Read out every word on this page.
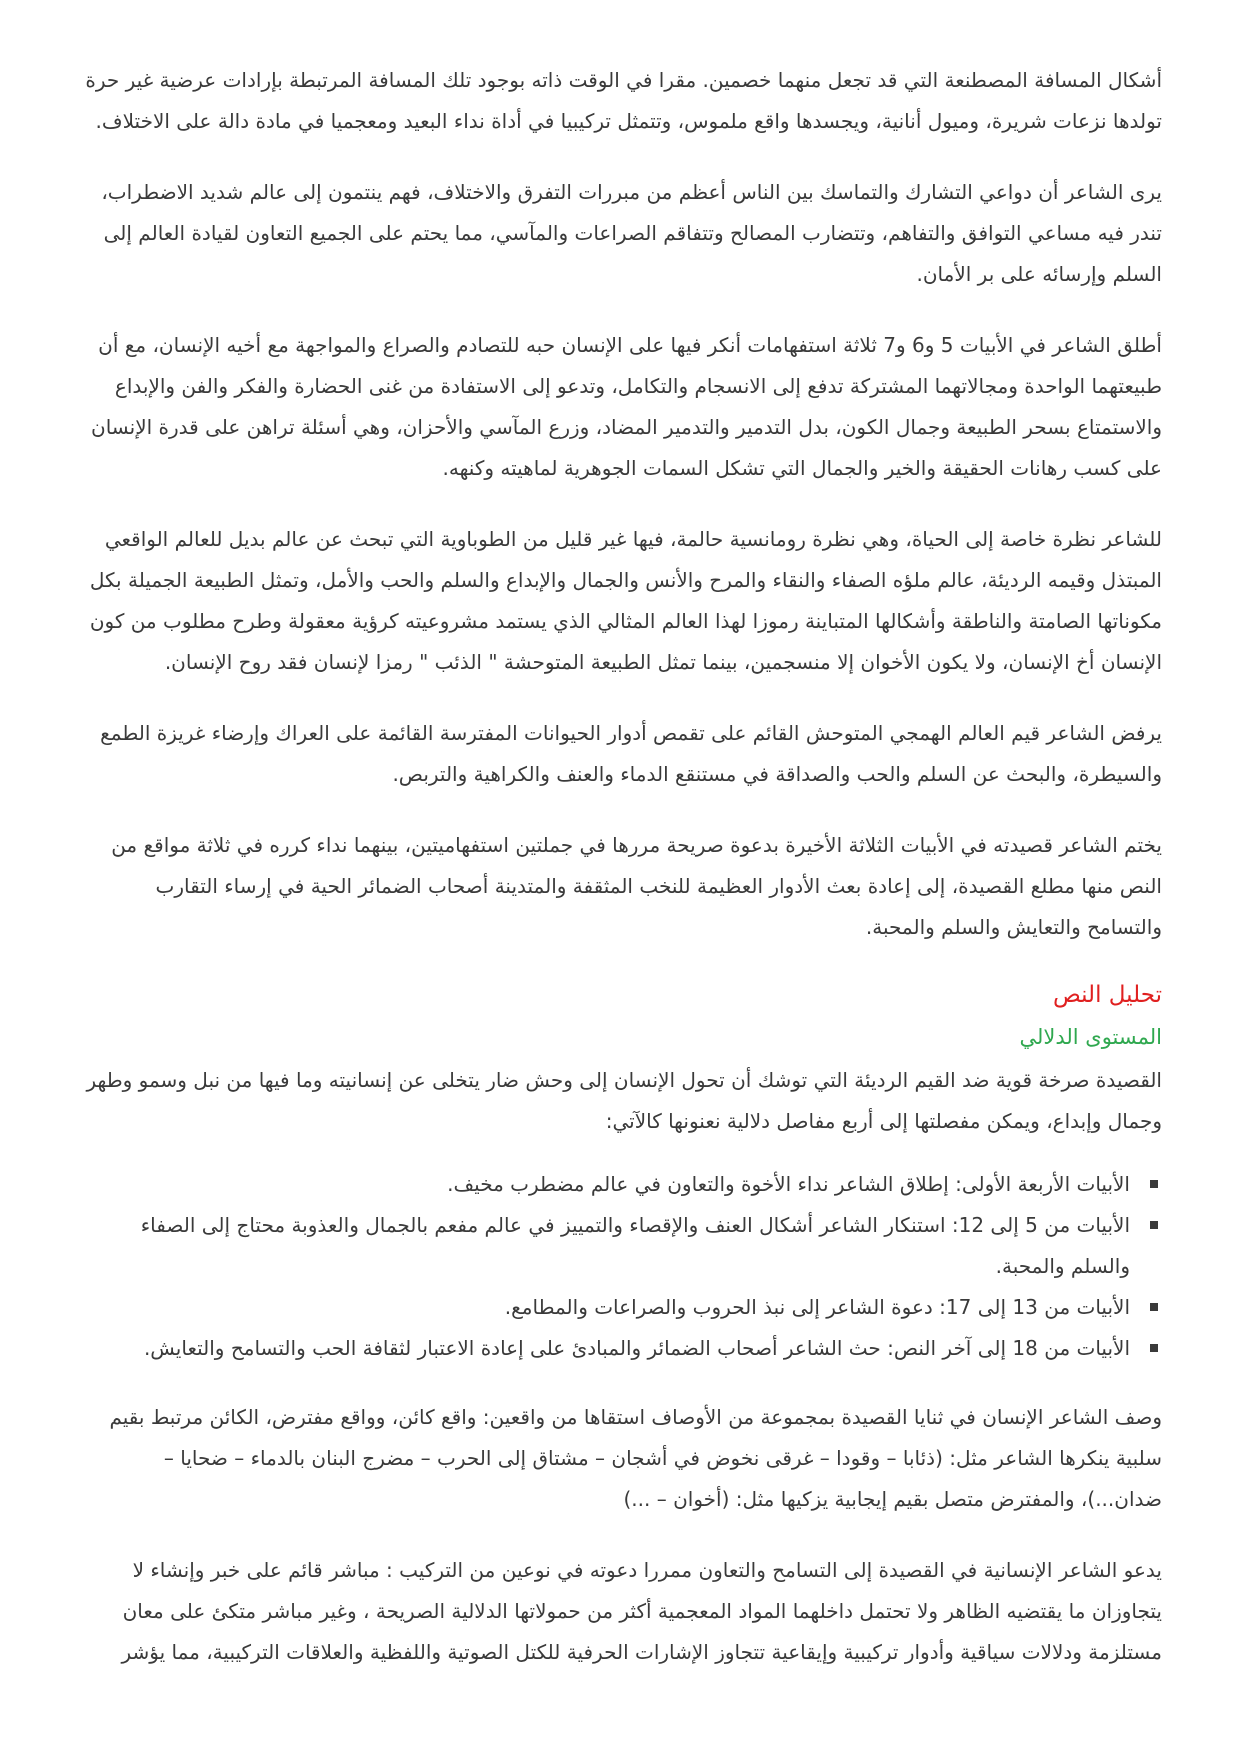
أشكال المسافة المصطنعة التي قد تجعل منهما خصمين. مقرا في الوقت ذاته بوجود تلك المسافة المرتبطة بإرادات عرضية غير حرة تولدها نزعات شريرة، وميول أنانية، ويجسدها واقع ملموس، وتتمثل تركيبيا في أداة نداء البعيد ومعجميا في مادة دالة على الاختلاف.

يرى الشاعر أن دواعي التشارك والتماسك بين الناس أعظم من مبررات التفرق والاختلاف، فهم ينتمون إلى عالم شديد الاضطراب، تندر فيه مساعي التوافق والتفاهم، وتتضارب المصالح وتتفاقم الصراعات والمآسي، مما يحتم على الجميع التعاون لقيادة العالم إلى السلم وإرسائه على بر الأمان.

أطلق الشاعر في الأبيات 5 و6 و7 ثلاثة استفهامات أنكر فيها على الإنسان حبه للتصادم والصراع والمواجهة مع أخيه الإنسان، مع أن طبيعتهما الواحدة ومجالاتهما المشتركة تدفع إلى الانسجام والتكامل، وتدعو إلى الاستفادة من غنى الحضارة والفكر والفن والإبداع والاستمتاع بسحر الطبيعة وجمال الكون، بدل التدمير والتدمير المضاد، وزرع المآسي والأحزان، وهي أسئلة تراهن على قدرة الإنسان على كسب رهانات الحقيقة والخير والجمال التي تشكل السمات الجوهرية لماهيته وكنهه.

للشاعر نظرة خاصة إلى الحياة، وهي نظرة رومانسية حالمة، فيها غير قليل من الطوباوية التي تبحث عن عالم بديل للعالم الواقعي المبتذل وقيمه الرديئة، عالم ملؤه الصفاء والنقاء والمرح والأنس والجمال والإبداع والسلم والحب والأمل، وتمثل الطبيعة الجميلة بكل مكوناتها الصامتة والناطقة وأشكالها المتباينة رموزا لهذا العالم المثالي الذي يستمد مشروعيته كرؤية معقولة وطرح مطلوب من كون الإنسان أخ الإنسان، ولا يكون الأخوان إلا منسجمين، بينما تمثل الطبيعة المتوحشة " الذئب " رمزا لإنسان فقد روح الإنسان.

يرفض الشاعر قيم العالم الهمجي المتوحش القائم على تقمص أدوار الحيوانات المفترسة القائمة على العراك وإرضاء غريزة الطمع والسيطرة، والبحث عن السلم والحب والصداقة في مستنقع الدماء والعنف والكراهية والتربص.

يختم الشاعر قصيدته في الأبيات الثلاثة الأخيرة بدعوة صريحة مررها في جملتين استفهاميتين، بينهما نداء كرره في ثلاثة مواقع من النص منها مطلع القصيدة، إلى إعادة بعث الأدوار العظيمة للنخب المثقفة والمتدينة أصحاب الضمائر الحية في إرساء التقارب والتسامح والتعايش والسلم والمحبة.

تحليل النص
المستوى الدلالي

القصيدة صرخة قوية ضد القيم الرديئة التي توشك أن تحول الإنسان إلى وحش ضار يتخلى عن إنسانيته وما فيها من نبل وسمو وطهر وجمال وإبداع، ويمكن مفصلتها إلى أربع مفاصل دلالية نعنونها كالآتي:

الأبيات الأربعة الأولى: إطلاق الشاعر نداء الأخوة والتعاون في عالم مضطرب مخيف.
الأبيات من 5 إلى 12: استنكار الشاعر أشكال العنف والإقصاء والتمييز في عالم مفعم بالجمال والعذوبة محتاج إلى الصفاء والسلم والمحبة.
الأبيات من 13 إلى 17: دعوة الشاعر إلى نبذ الحروب والصراعات والمطامع.
الأبيات من 18 إلى آخر النص: حث الشاعر أصحاب الضمائر والمبادئ على إعادة الاعتبار لثقافة الحب والتسامح والتعايش.

وصف الشاعر الإنسان في ثنايا القصيدة بمجموعة من الأوصاف استقاها من واقعين: واقع كائن، وواقع مفترض، الكائن مرتبط بقيم سلبية ينكرها الشاعر مثل: (ذئابا – وقودا – غرقى نخوض في أشجان – مشتاق إلى الحرب – مضرج البنان بالدماء – ضحايا – ضدان...)، والمفترض متصل بقيم إيجابية يزكيها مثل: (أخوان – ...)

يدعو الشاعر الإنسانية في القصيدة إلى التسامح والتعاون ممررا دعوته في نوعين من التركيب : مباشر قائم على خبر وإنشاء لا يتجاوزان ما يقتضيه الظاهر ولا تحتمل داخلهما المواد المعجمية أكثر من حمولاتها الدلالية الصريحة ، وغير مباشر متكئ على معان مستلزمة ودلالات سياقية وأدوار تركيبية وإيقاعية تتجاوز الإشارات الحرفية للكتل الصوتية واللفظية والعلاقات التركيبية، مما يؤشر
